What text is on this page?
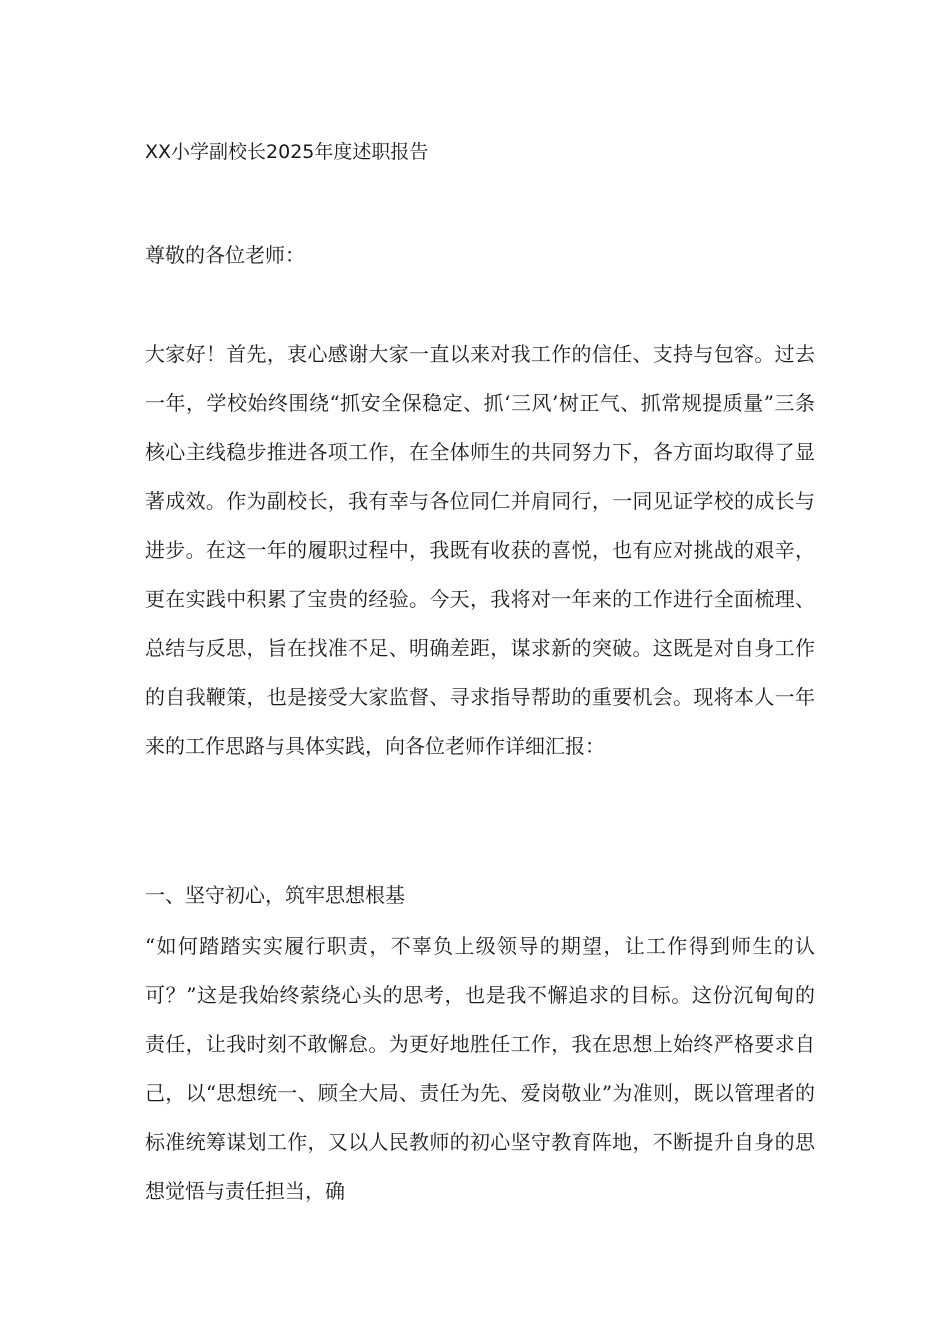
XX小学副校长2025年度述职报告
尊敬的各位老师：

大家好！首先，衷心感谢大家一直以来对我工作的信任、支持与包容。过去一年，学校始终围绕“抓安全保稳定、抓‘三风’树正气、抓常规提质量”三条核心主线稳步推进各项工作，在全体师生的共同努力下，各方面均取得了显著成效。作为副校长，我有幸与各位同仁并肩同行，一同见证学校的成长与进步。在这一年的履职过程中，我既有收获的喜悦，也有应对挑战的艰辛，更在实践中积累了宝贵的经验。今天，我将对一年来的工作进行全面梳理、总结与反思，旨在找准不足、明确差距，谋求新的突破。这既是对自身工作的自我鞭策，也是接受大家监督、寻求指导帮助的重要机会。现将本人一年来的工作思路与具体实践，向各位老师作详细汇报：

一、坚守初心，筑牢思想根基

“如何踏踏实实履行职责，不辜负上级领导的期望，让工作得到师生的认可？”这是我始终萦绕心头的思考，也是我不懈追求的目标。这份沉甸甸的责任，让我时刻不敢懈怠。为更好地胜任工作，我在思想上始终严格要求自己，以“思想统一、顾全大局、责任为先、爱岗敬业”为准则，既以管理者的标准统筹谋划工作，又以人民教师的初心坚守教育阵地，不断提升自身的思想觉悟与责任担当，确
